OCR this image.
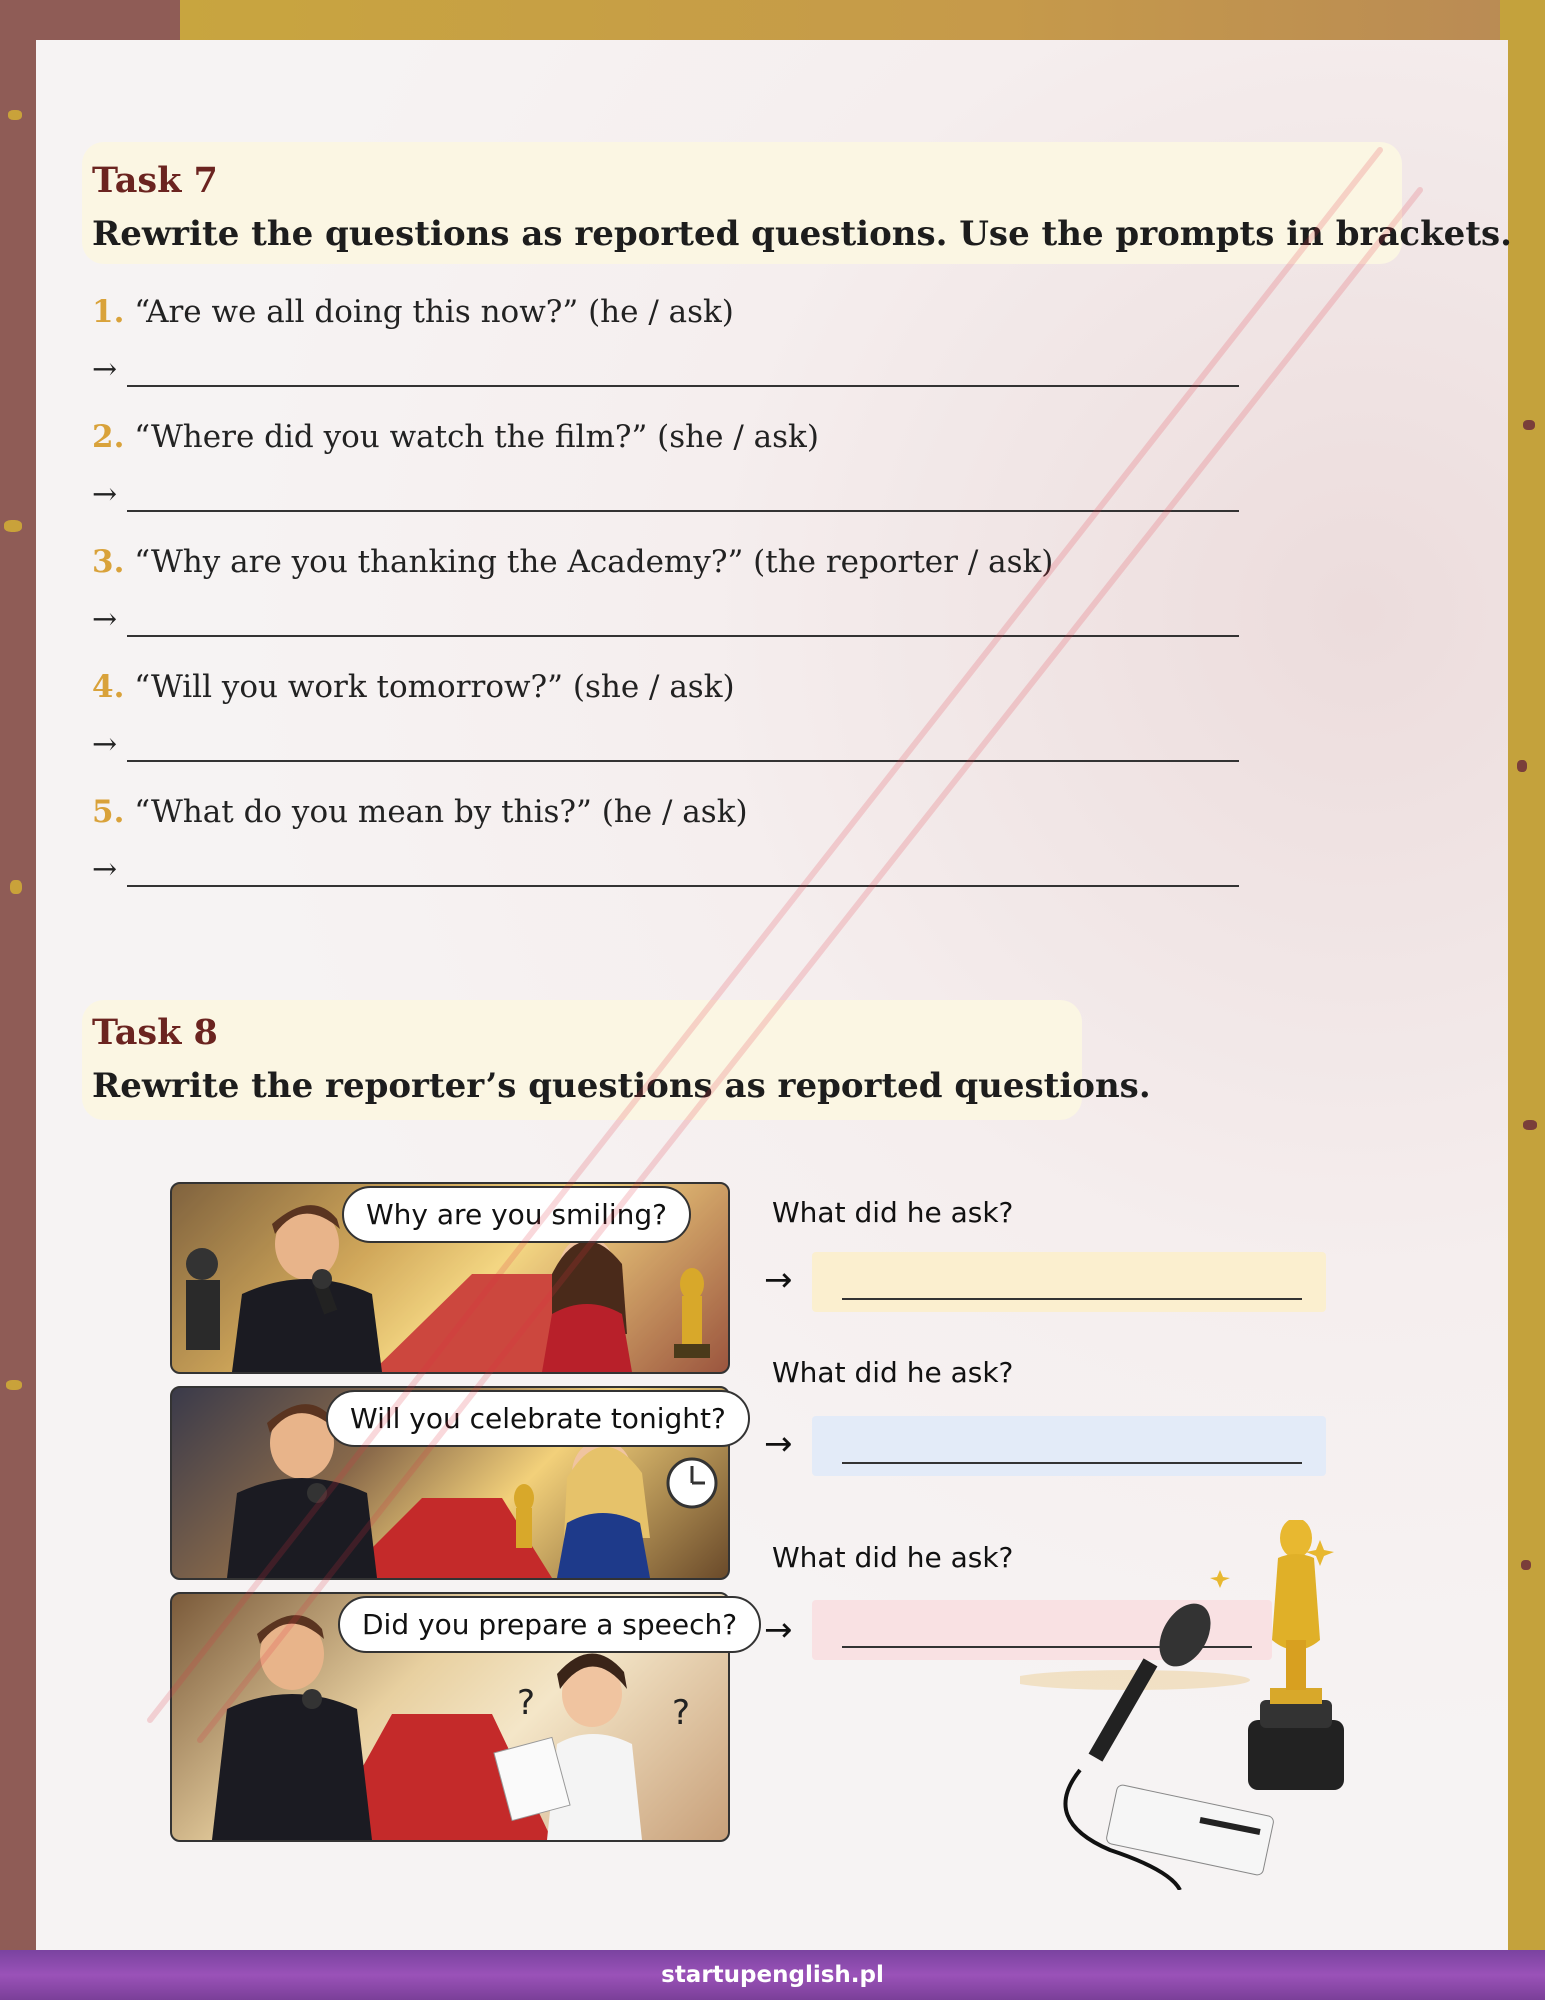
Task 7
Rewrite the questions as reported questions. Use the prompts in brackets.
1. “Are we all doing this now?” (he / ask)
→
2. “Where did you watch the film?” (she / ask)
→
3. “Why are you thanking the Academy?” (the reporter / ask)
→
4. “Will you work tomorrow?” (she / ask)
→
5. “What do you mean by this?” (he / ask)
→
Task 8
Rewrite the reporter’s questions as reported questions.
Why are you smiling?
Will you celebrate tonight?
?	?
Did you prepare a speech?
What did he ask?
→
What did he ask?
→
What did he ask?
→
startupenglish.pl
